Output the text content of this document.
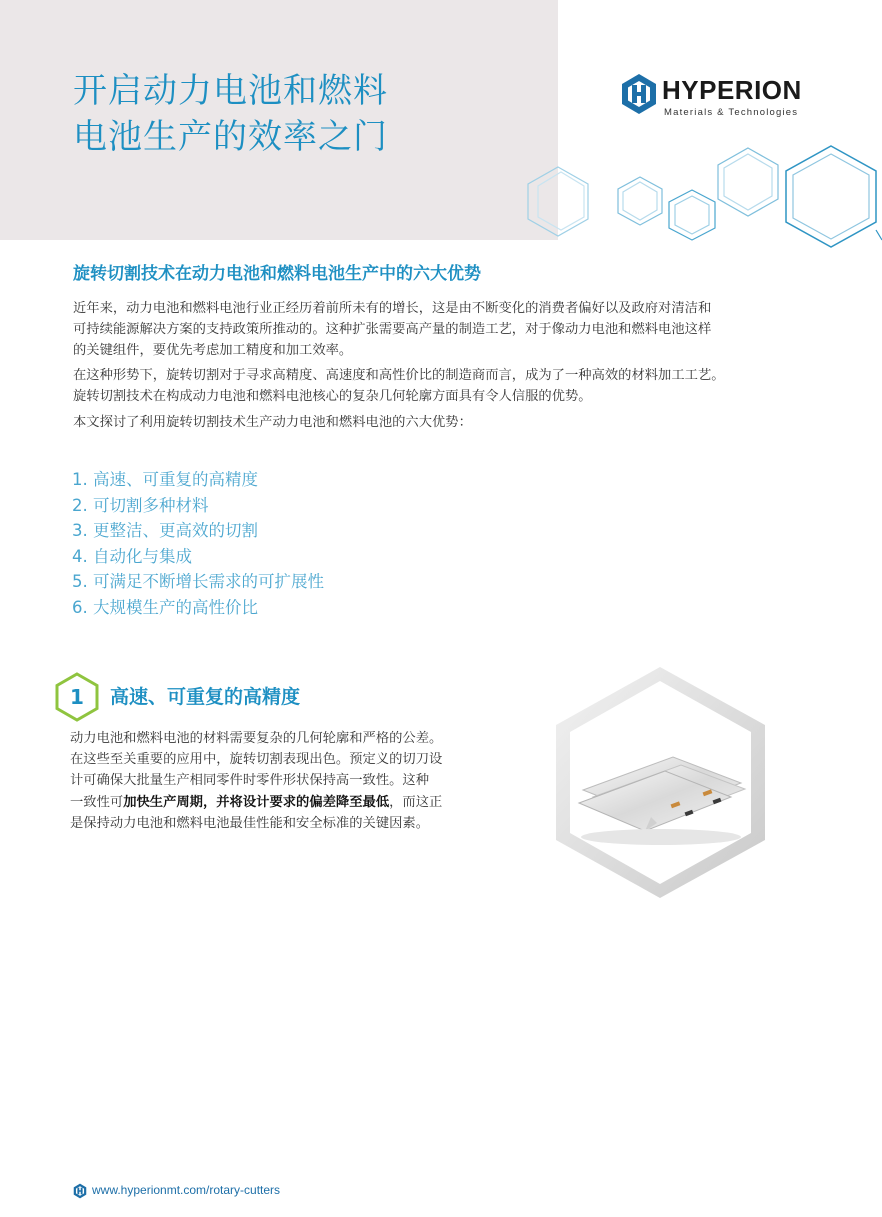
开启动力电池和燃料
电池生产的效率之门
HYPERION
Materials & Technologies
旋转切割技术在动力电池和燃料电池生产中的六大优势

近年来，动力电池和燃料电池行业正经历着前所未有的增长，这是由不断变化的消费者偏好以及政府对清洁和
可持续能源解决方案的支持政策所推动的。这种扩张需要高产量的制造工艺，对于像动力电池和燃料电池这样
的关键组件，要优先考虑加工精度和加工效率。

在这种形势下，旋转切割对于寻求高精度、高速度和高性价比的制造商而言，成为了一种高效的材料加工工艺。
旋转切割技术在构成动力电池和燃料电池核心的复杂几何轮廓方面具有令人信服的优势。

本文探讨了利用旋转切割技术生产动力电池和燃料电池的六大优势：

1. 高速、可重复的高精度
2. 可切割多种材料
3. 更整洁、更高效的切割
4. 自动化与集成
5. 可满足不断增长需求的可扩展性
6. 大规模生产的高性价比
1	高速、可重复的高精度

动力电池和燃料电池的材料需要复杂的几何轮廓和严格的公差。
在这些至关重要的应用中，旋转切割表现出色。预定义的切刀设
计可确保大批量生产相同零件时零件形状保持高一致性。这种
一致性可加快生产周期，并将设计要求的偏差降至最低，而这正
是保持动力电池和燃料电池最佳性能和安全标准的关键因素。

www.hyperionmt.com/rotary-cutters
